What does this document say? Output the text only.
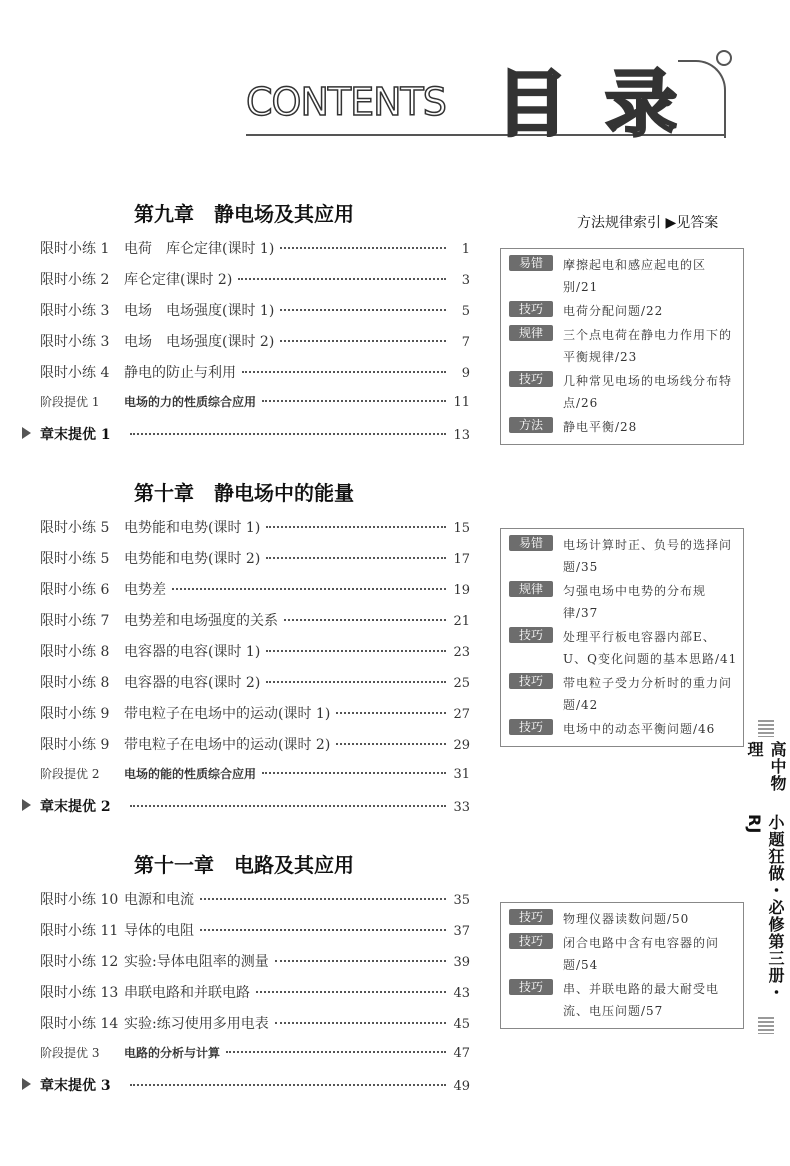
CONTENTS 目 录
第九章　静电场及其应用
第十章　静电场中的能量
第十一章　电路及其应用
方法规律索引 ▶见答案
限时小练 1	电荷　库仑定律(课时 1)	1
限时小练 2	库仑定律(课时 2)	3
限时小练 3	电场　电场强度(课时 1)	5
限时小练 3	电场　电场强度(课时 2)	7
限时小练 4	静电的防止与利用	9
阶段提优 1	电场的力的性质综合应用	11
章末提优 1	13
限时小练 5	电势能和电势(课时 1)	15
限时小练 5	电势能和电势(课时 2)	17
限时小练 6	电势差	19
限时小练 7	电势差和电场强度的关系	21
限时小练 8	电容器的电容(课时 1)	23
限时小练 8	电容器的电容(课时 2)	25
限时小练 9	带电粒子在电场中的运动(课时 1)	27
限时小练 9	带电粒子在电场中的运动(课时 2)	29
阶段提优 2	电场的能的性质综合应用	31
章末提优 2	33
限时小练 10 电源和电流	35
限时小练 11 导体的电阻	37
限时小练 12 实验:导体电阻率的测量	39
限时小练 13 串联电路和并联电路	43
限时小练 14 实验:练习使用多用电表	45
阶段提优 3	电路的分析与计算	47
章末提优 3	49
易错	摩擦起电和感应起电的区别/21
技巧	电荷分配问题/22
规律	三个点电荷在静电力作用下的平衡规律/23
技巧	几种常见电场的电场线分布特点/26
方法	静电平衡/28
易错	电场计算时正、负号的选择问题/35
规律	匀强电场中电势的分布规律/37
技巧	处理平行板电容器内部E、U、Q变化问题的基本思路/41
技巧	带电粒子受力分析时的重力问题/42
技巧	电场中的动态平衡问题/46
技巧	物理仪器读数问题/50
技巧	闭合电路中含有电容器的问题/54
技巧	串、并联电路的最大耐受电流、电压问题/57
高中物理
小题狂做・必修第三册・RJ
